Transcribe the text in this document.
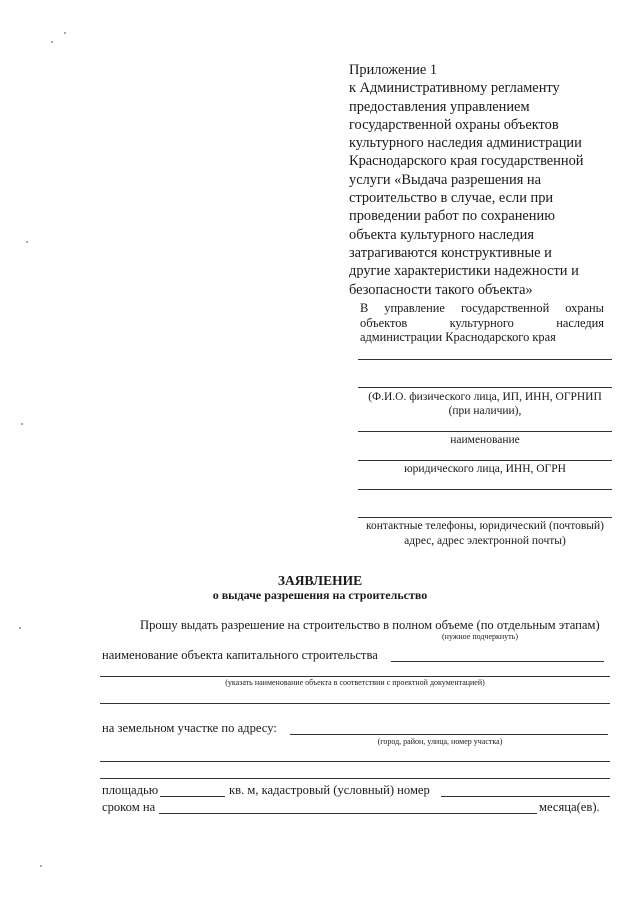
Приложение 1
к Административному регламенту
предоставления управлением
государственной охраны объектов
культурного наследия администрации
Краснодарского края государственной
услуги «Выдача разрешения на
строительство в случае, если при
проведении работ по сохранению
объекта культурного наследия
затрагиваются конструктивные и
другие характеристики надежности и
безопасности такого объекта»
В управление государственной охраны
объектов культурного наследия
администрации Краснодарского края
(Ф.И.О. физического лица, ИП, ИНН, ОГРНИП
(при наличии),
наименование
юридического лица, ИНН, ОГРН
контактные телефоны, юридический (почтовый)
адрес, адрес электронной почты)
ЗАЯВЛЕНИЕ
о выдаче разрешения на строительство
Прошу выдать разрешение на строительство в полном объеме (по отдельным этапам)
(нужное подчеркнуть)
наименование объекта капитального строительства
(указать наименование объекта в соответствии с проектной документацией)
на земельном участке по адресу:
(город, район, улица, номер участка)
площадью	кв. м, кадастровый (условный) номер
сроком на	месяца(ев).
